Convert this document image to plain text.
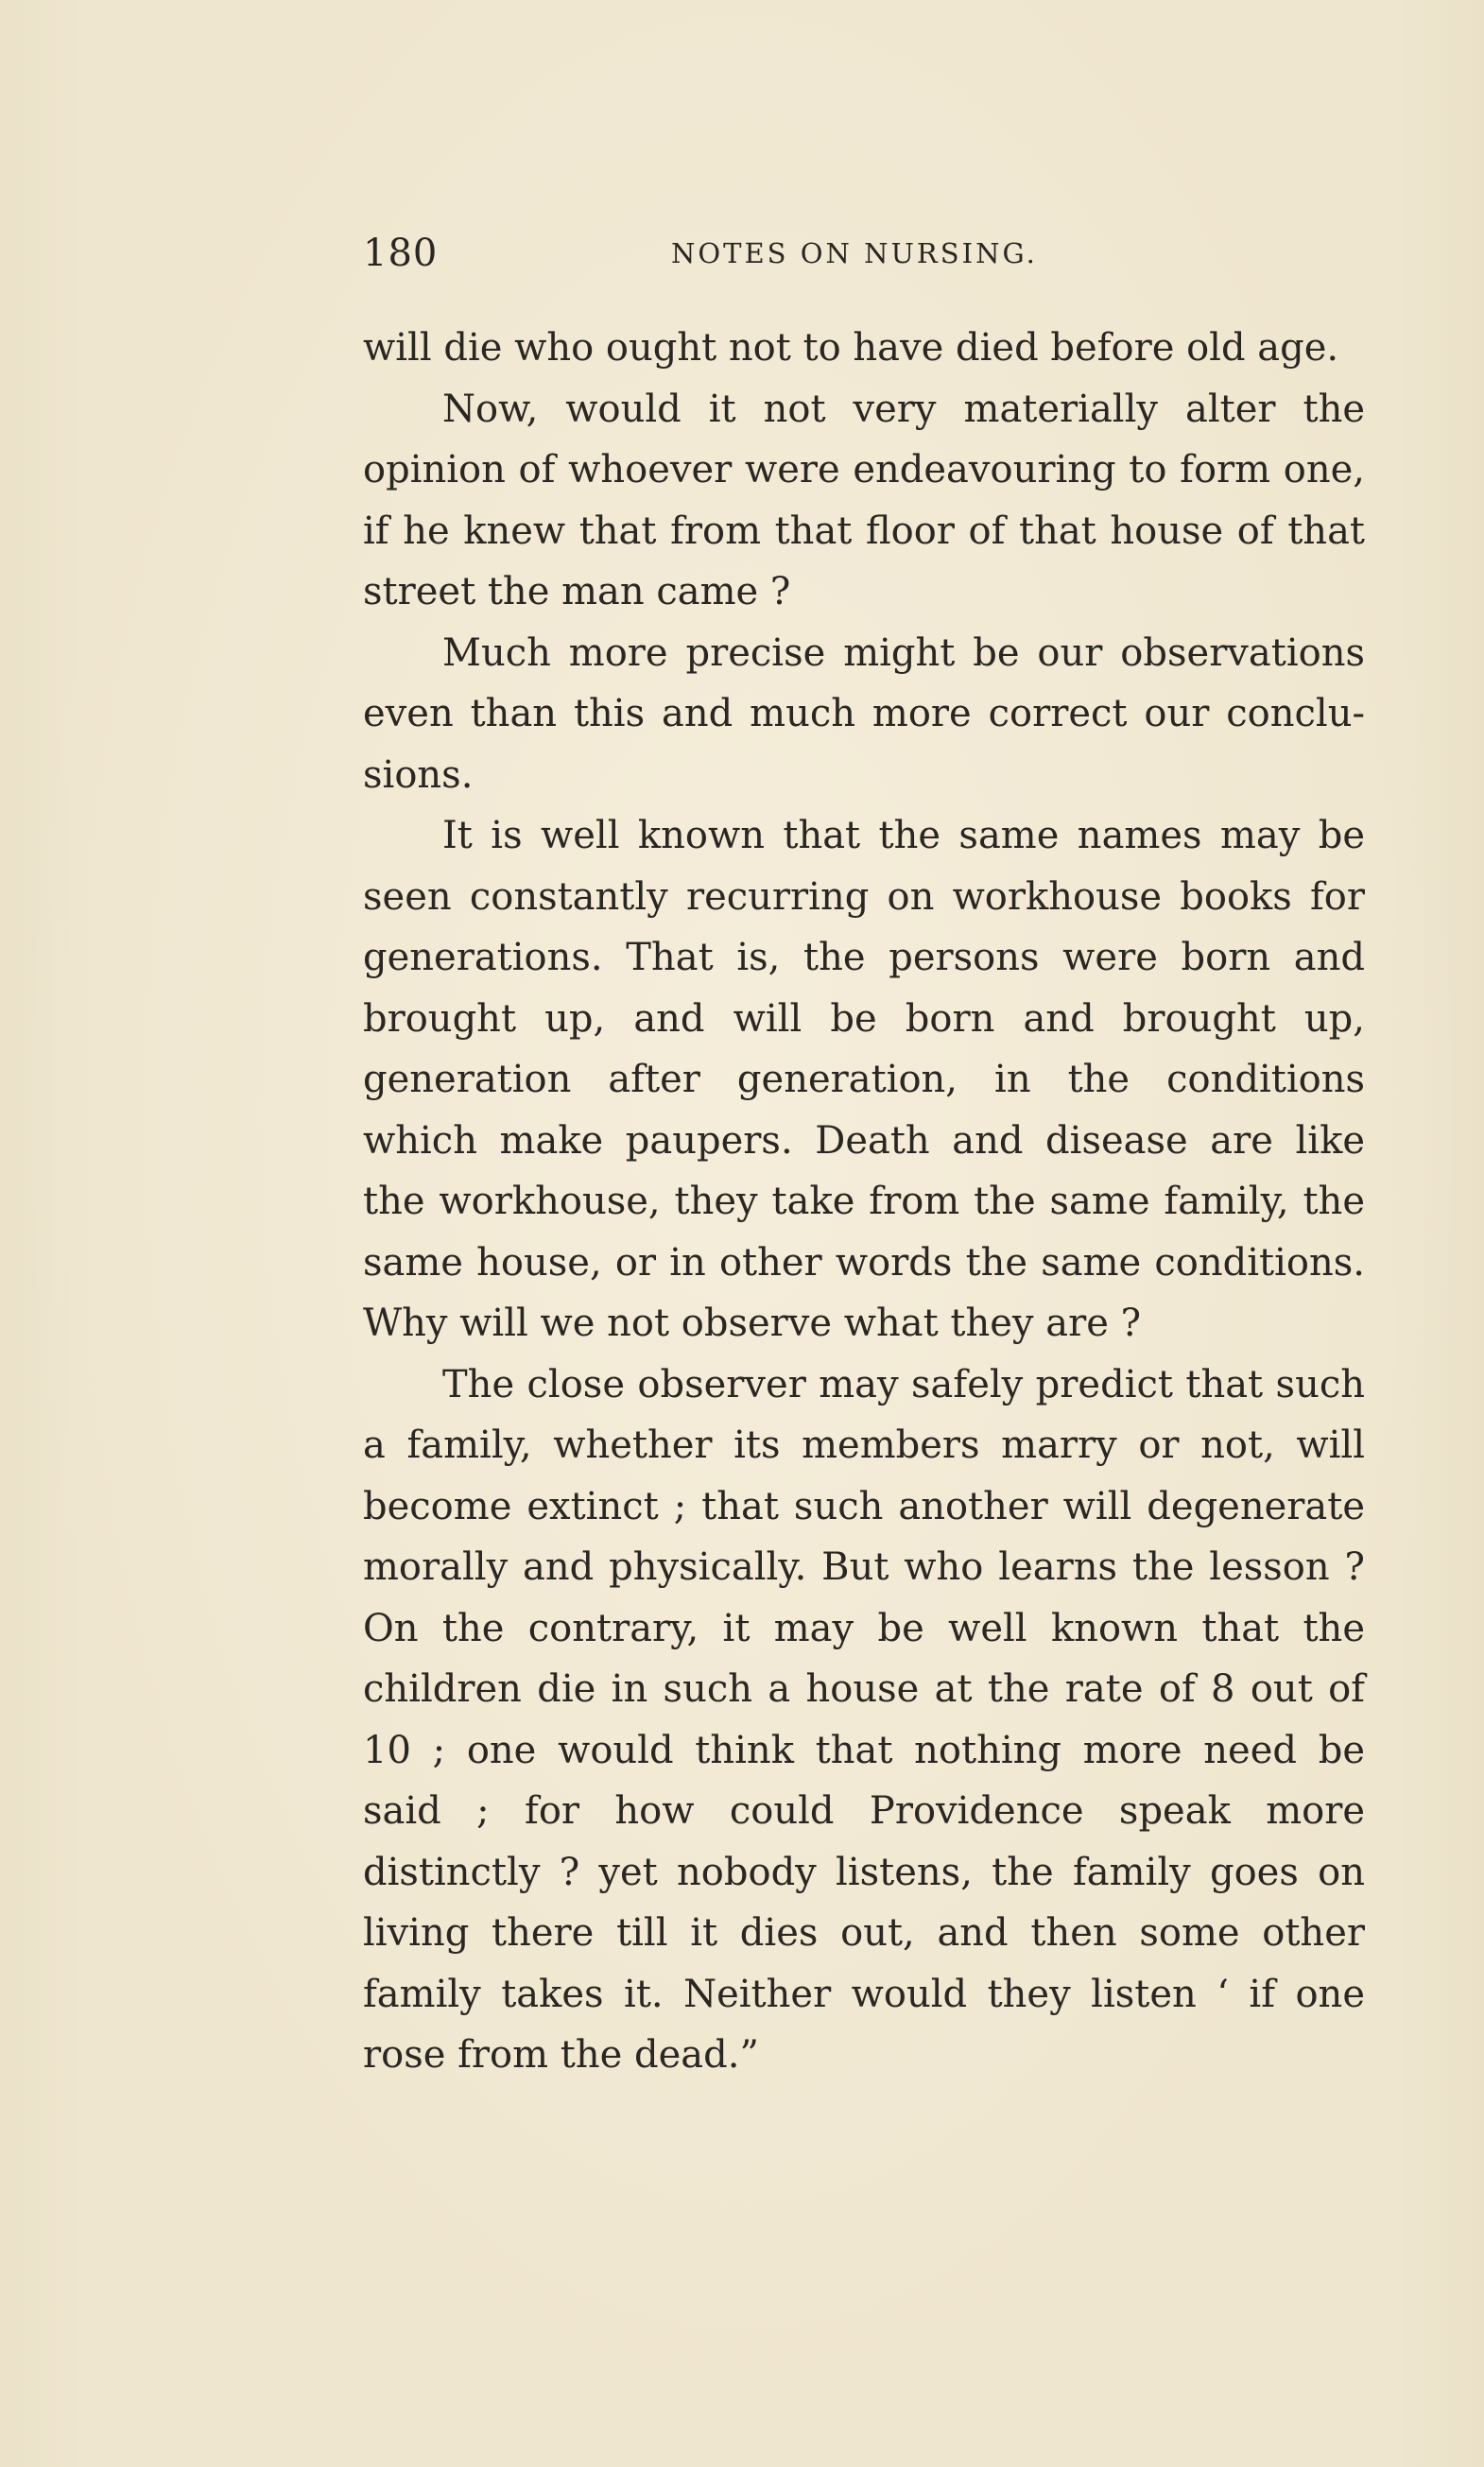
180	NOTES ON NURSING.

will die who ought not to have died before old age.

Now, would it not very materially alter the opinion of whoever were endeavouring to form one, if he knew that from that floor of that house of that street the man came ?

Much more precise might be our observations even than this and much more correct our conclu-sions.

It is well known that the same names may be seen constantly recurring on workhouse books for generations. That is, the persons were born and brought up, and will be born and brought up, generation after generation, in the conditions which make paupers. Death and disease are like the workhouse, they take from the same family, the same house, or in other words the same conditions. Why will we not observe what they are ?

The close observer may safely predict that such a family, whether its members marry or not, will become extinct ; that such another will degenerate morally and physically. But who learns the lesson ? On the contrary, it may be well known that the children die in such a house at the rate of 8 out of 10 ; one would think that nothing more need be said ; for how could Providence speak more distinctly ? yet nobody listens, the family goes on living there till it dies out, and then some other family takes it. Neither would they listen ‘ if one rose from the dead.”
